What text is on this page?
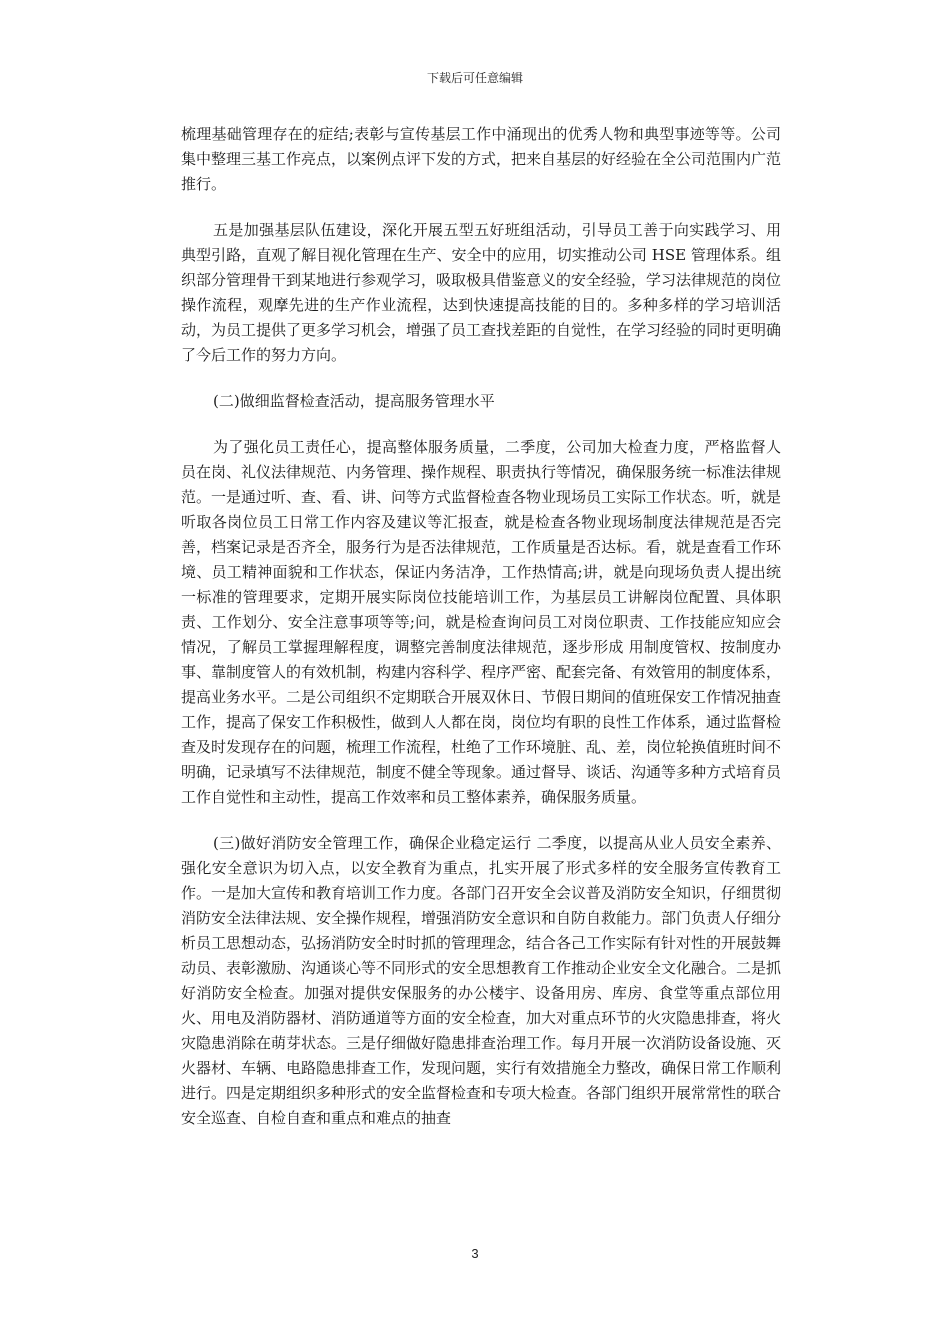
下载后可任意编辑

梳理基础管理存在的症结;表彰与宣传基层工作中涌现出的优秀人物和典型事迹等等。公司集中整理三基工作亮点，以案例点评下发的方式，把来自基层的好经验在全公司范围内广范推行。

五是加强基层队伍建设，深化开展五型五好班组活动，引导员工善于向实践学习、用典型引路，直观了解目视化管理在生产、安全中的应用，切实推动公司 HSE 管理体系。组织部分管理骨干到某地进行参观学习，吸取极具借鉴意义的安全经验，学习法律规范的岗位操作流程，观摩先进的生产作业流程，达到快速提高技能的目的。多种多样的学习培训活动，为员工提供了更多学习机会，增强了员工查找差距的自觉性，在学习经验的同时更明确了今后工作的努力方向。

(二)做细监督检查活动，提高服务管理水平

为了强化员工责任心，提高整体服务质量，二季度，公司加大检查力度，严格监督人员在岗、礼仪法律规范、内务管理、操作规程、职责执行等情况，确保服务统一标准法律规范。一是通过听、查、看、讲、问等方式监督检查各物业现场员工实际工作状态。听，就是听取各岗位员工日常工作内容及建议等汇报查，就是检查各物业现场制度法律规范是否完善，档案记录是否齐全，服务行为是否法律规范，工作质量是否达标。看，就是查看工作环境、员工精神面貌和工作状态，保证内务洁净，工作热情高;讲，就是向现场负责人提出统一标准的管理要求，定期开展实际岗位技能培训工作，为基层员工讲解岗位配置、具体职责、工作划分、安全注意事项等等;问，就是检查询问员工对岗位职责、工作技能应知应会情况，了解员工掌握理解程度，调整完善制度法律规范，逐步形成 用制度管权、按制度办事、靠制度管人的有效机制，构建内容科学、程序严密、配套完备、有效管用的制度体系，提高业务水平。二是公司组织不定期联合开展双休日、节假日期间的值班保安工作情况抽查工作，提高了保安工作积极性，做到人人都在岗，岗位均有职的良性工作体系，通过监督检查及时发现存在的问题，梳理工作流程，杜绝了工作环境脏、乱、差，岗位轮换值班时间不明确，记录填写不法律规范，制度不健全等现象。通过督导、谈话、沟通等多种方式培育员工作自觉性和主动性，提高工作效率和员工整体素养，确保服务质量。

(三)做好消防安全管理工作，确保企业稳定运行 二季度，以提高从业人员安全素养、强化安全意识为切入点，以安全教育为重点，扎实开展了形式多样的安全服务宣传教育工作。一是加大宣传和教育培训工作力度。各部门召开安全会议普及消防安全知识，仔细贯彻消防安全法律法规、安全操作规程，增强消防安全意识和自防自救能力。部门负责人仔细分析员工思想动态，弘扬消防安全时时抓的管理理念，结合各己工作实际有针对性的开展鼓舞动员、表彰激励、沟通谈心等不同形式的安全思想教育工作推动企业安全文化融合。二是抓好消防安全检查。加强对提供安保服务的办公楼宇、设备用房、库房、食堂等重点部位用火、用电及消防器材、消防通道等方面的安全检查，加大对重点环节的火灾隐患排查，将火灾隐患消除在萌芽状态。三是仔细做好隐患排查治理工作。每月开展一次消防设备设施、灭火器材、车辆、电路隐患排查工作，发现问题，实行有效措施全力整改，确保日常工作顺利进行。四是定期组织多种形式的安全监督检查和专项大检查。各部门组织开展常常性的联合安全巡查、自检自查和重点和难点的抽查

3
